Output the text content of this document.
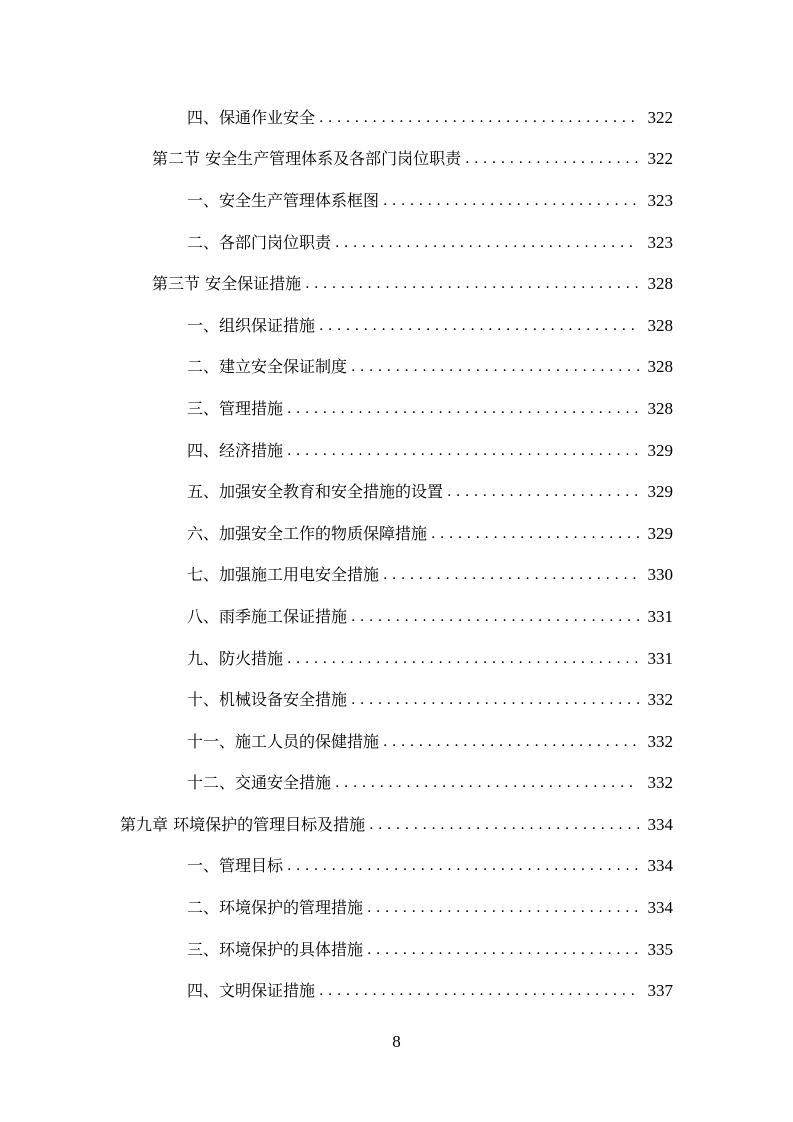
四、保通作业安全 . . .	322
第二节 安全生产管理体系及各部门岗位职责 . . .	322
一、安全生产管理体系框图 . . .	323
二、各部门岗位职责 . . .	323
第三节 安全保证措施 . . .	328
一、组织保证措施 . . .	328
二、建立安全保证制度 . . .	328
三、管理措施 . . .	328
四、经济措施 . . .	329
五、加强安全教育和安全措施的设置 . . .	329
六、加强安全工作的物质保障措施 . . .	329
七、加强施工用电安全措施 . . .	330
八、雨季施工保证措施 . . .	331
九、防火措施 . . .	331
十、机械设备安全措施 . . .	332
十一、施工人员的保健措施 . . .	332
十二、交通安全措施 . . .	332
第九章 环境保护的管理目标及措施 . . .	334
一、管理目标 . . .	334
二、环境保护的管理措施 . . .	334
三、环境保护的具体措施 . . .	335
四、文明保证措施 . . .	337
8
